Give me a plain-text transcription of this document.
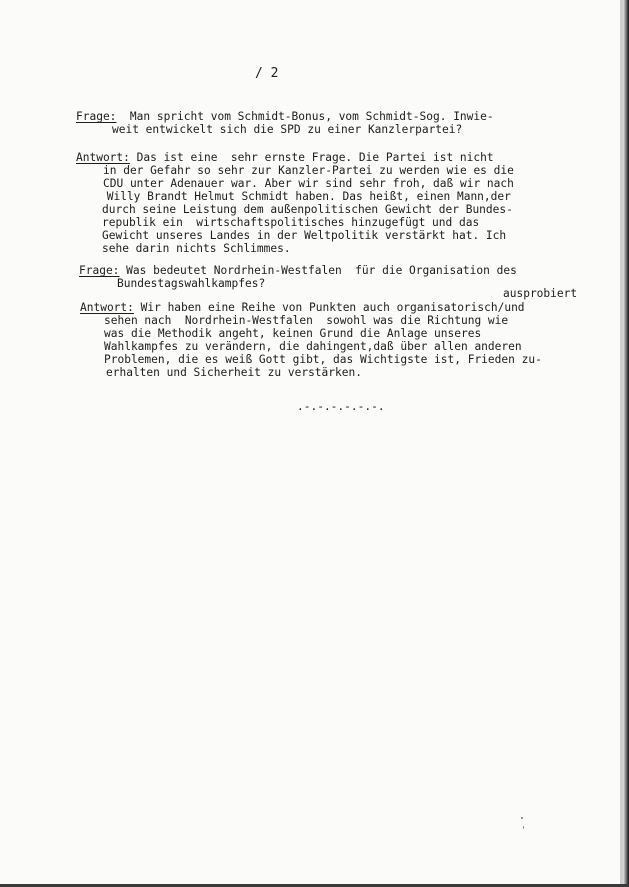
/ 2
Frage:  Man spricht vom Schmidt-Bonus, vom Schmidt-Sog. Inwie-
weit entwickelt sich die SPD zu einer Kanzlerpartei?
Antwort: Das ist eine  sehr ernste Frage. Die Partei ist nicht
in der Gefahr so sehr zur Kanzler-Partei zu werden wie es die
CDU unter Adenauer war. Aber wir sind sehr froh, daß wir nach
Willy Brandt Helmut Schmidt haben. Das heißt, einen Mann,der
durch seine Leistung dem außenpolitischen Gewicht der Bundes-
republik ein  wirtschaftspolitisches hinzugefügt und das
Gewicht unseres Landes in der Weltpolitik verstärkt hat. Ich
sehe darin nichts Schlimmes.
Frage: Was bedeutet Nordrhein-Westfalen  für die Organisation des
Bundestagswahlkampfes?
ausprobiert
Antwort: Wir haben eine Reihe von Punkten auch organisatorisch/und
sehen nach  Nordrhein-Westfalen  sowohl was die Richtung wie
was die Methodik angeht, keinen Grund die Anlage unseres
Wahlkampfes zu verändern, die dahingent,daß über allen anderen
Problemen, die es weiß Gott gibt, das Wichtigste ist, Frieden zu-
erhalten und Sicherheit zu verstärken.
.-.-.-.-.-.-.
